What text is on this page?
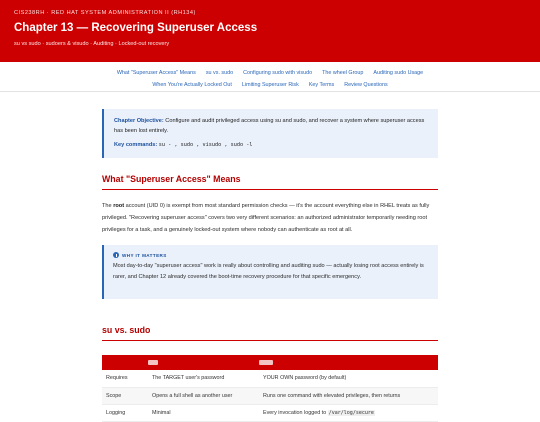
CIS238RH · RED HAT SYSTEM ADMINISTRATION II (RH134)
Chapter 13 — Recovering Superuser Access
su vs sudo · sudoers & visudo · Auditing · Locked-out recovery
What "Superuser Access" Means su vs. sudo Configuring sudo with visudo The wheel Group Auditing sudo Usage
When You're Actually Locked Out Limiting Superuser Risk Key Terms Review Questions
Chapter Objective: Configure and audit privileged access using su and sudo, and recover a system where superuser access has been lost entirely.
Key commands: su - , sudo , visudo , sudo -l
What "Superuser Access" Means

The root account (UID 0) is exempt from most standard permission checks — it's the account everything else in RHEL treats as fully privileged. "Recovering superuser access" covers two very different scenarios: an authorized administrator temporarily needing root privileges for a task, and a genuinely locked-out system where nobody can authenticate as root at all.

WHY IT MATTERS

Most day-to-day "superuser access" work is really about controlling and auditing sudo — actually losing root access entirely is rarer, and Chapter 12 already covered the boot-time recovery procedure for that specific emergency.

su vs. sudo

Requires	The TARGET user's password	YOUR OWN password (by default)
Scope	Opens a full shell as another user	Runs one command with elevated privileges, then returns
Logging	Minimal	Every invocation logged to /var/log/secure
